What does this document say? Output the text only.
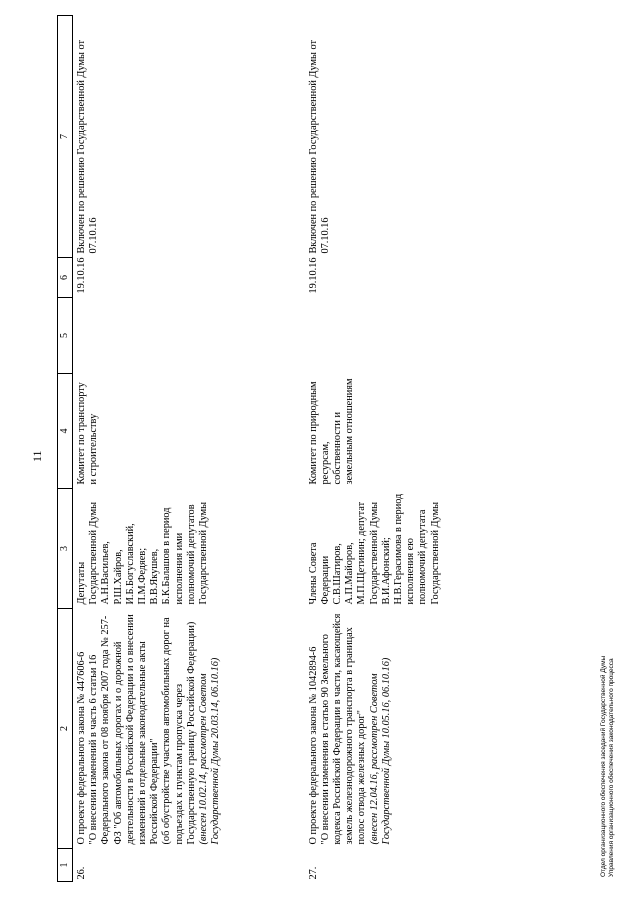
11
1	2	3	4	5	6	7
26.	О проекте федерального закона № 447606-6 "О внесении изменений в часть 6 статьи 16 Федерального закона от 08 ноября 2007 года № 257-ФЗ "Об автомобильных дорогах и о дорожной деятельности в Российской Федерации и о внесении изменений в отдельные законодательные акты Российской Федерации" (об обустройстве участков автомобильных дорог на подъездах к пунктам пропуска через Государственную границу Российской Федерации) (внесен 10.02.14, рассмотрен Советом Государственной Думы 20.03.14, 06.10.16)	Депутаты Государственной Думы А.Н.Васильев, Р.Ш.Хайров, И.Б.Богуславский, П.М.Федяев; В.В.Якушев, Б.К.Балашов в период исполнения ими полномочий депутатов Государственной Думы	Комитет по транспорту и строительству		19.10.16	Включен по решению Государственной Думы от 07.10.16
27.	О проекте федерального закона № 1042894-6 "О внесении изменения в статью 90 Земельного кодекса Российской Федерации в части, касающейся земель железнодорожного транспорта в границах полос отвода железных дорог" (внесен 12.04.16, рассмотрен Советом Государственной Думы 10.05.16, 06.10.16)	Члены Совета Федерации С.В.Шатиров, А.П.Майоров, М.П.Щетинин; депутат Государственной Думы В.И.Афонский; Н.В.Герасимова в период исполнения ею полномочий депутата Государственной Думы	Комитет по природным ресурсам, собственности и земельным отношениям		19.10.16	Включен по решению Государственной Думы от 07.10.16
Отдел организационного обеспечения заседаний Государственной Думы Управления организационного обеспечения законодательного процесса
